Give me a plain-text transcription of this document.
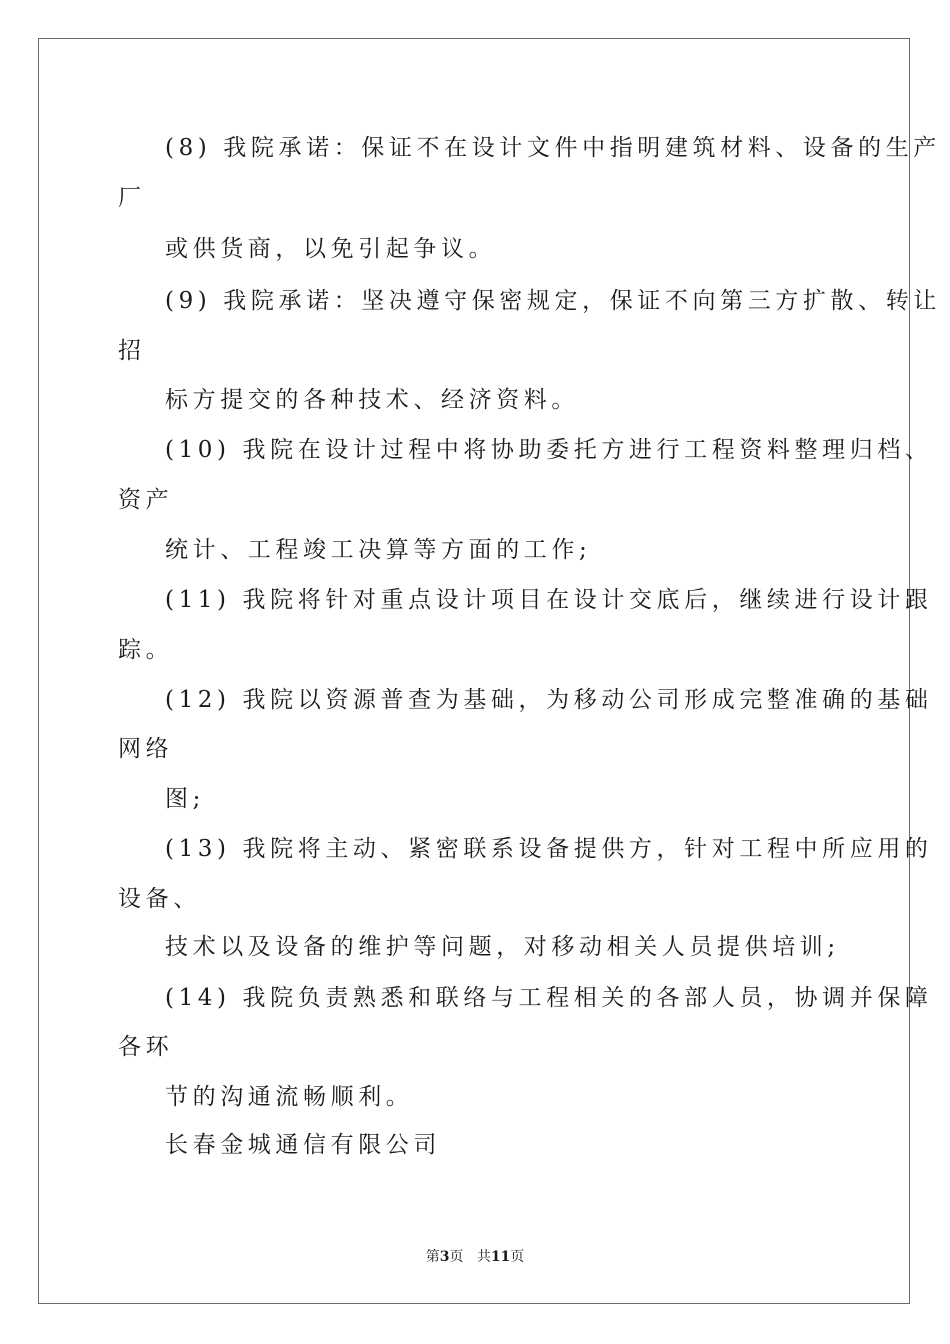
(8) 我院承诺：保证不在设计文件中指明建筑材料、设备的生产
厂
或供货商，以免引起争议。
(9) 我院承诺：坚决遵守保密规定，保证不向第三方扩散、转让
招
标方提交的各种技术、经济资料。
(10) 我院在设计过程中将协助委托方进行工程资料整理归档、
资产
统计、工程竣工决算等方面的工作;
(11) 我院将针对重点设计项目在设计交底后，继续进行设计跟
踪。
(12) 我院以资源普查为基础，为移动公司形成完整准确的基础
网络
图;
(13) 我院将主动、紧密联系设备提供方，针对工程中所应用的
设备、
技术以及设备的维护等问题，对移动相关人员提供培训;
(14) 我院负责熟悉和联络与工程相关的各部人员，协调并保障
各环
节的沟通流畅顺利。
长春金城通信有限公司
第3页 共11页
